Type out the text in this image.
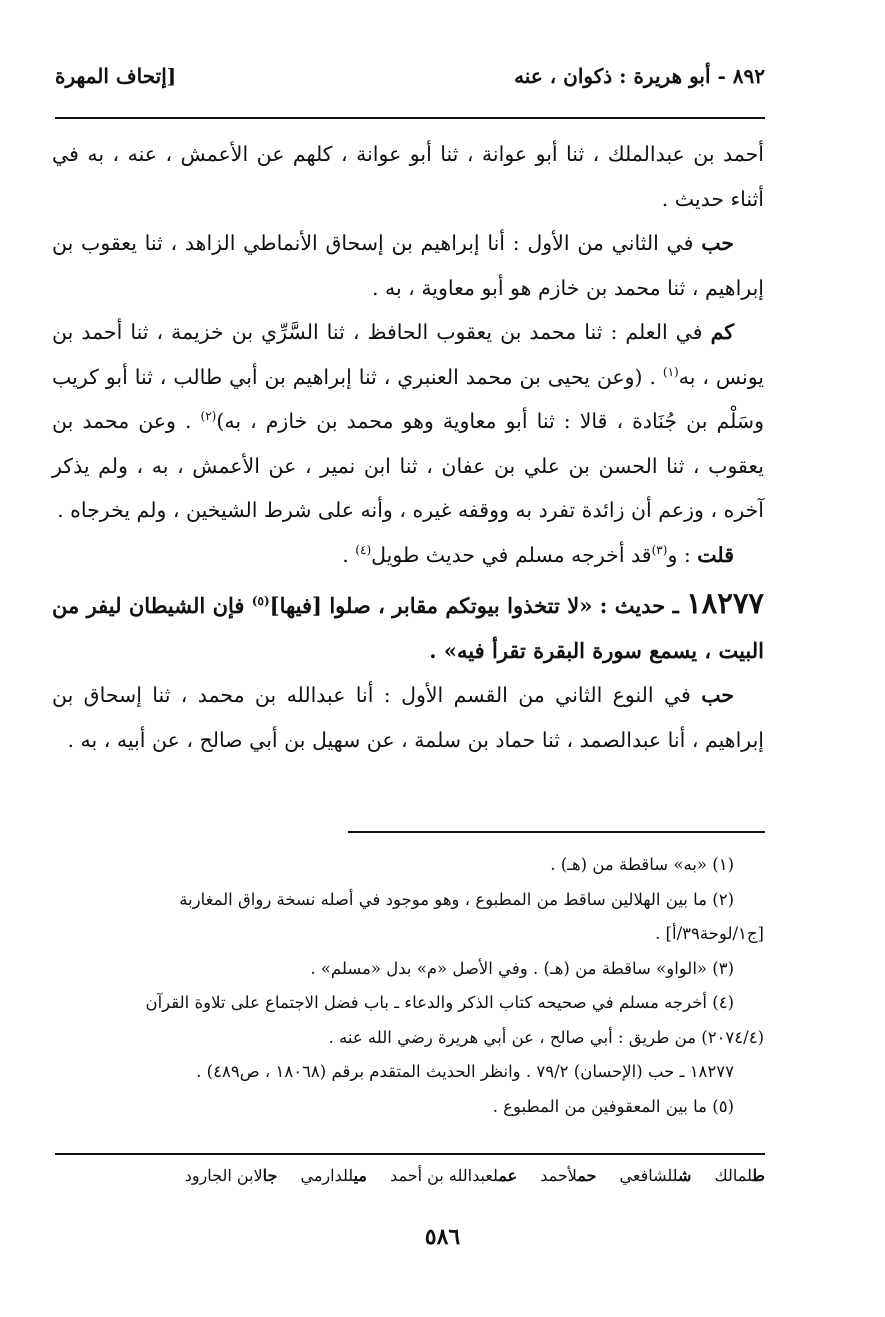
٨٩٢ - أبو هريرة : ذكوان ، عنه
[إتحاف المهرة

أحمد بن عبدالملك ، ثنا أبو عوانة ، ثنا أبو عوانة ، كلهم عن الأعمش ، عنه ، به في أثناء حديث .

حب في الثاني من الأول : أنا إبراهيم بن إسحاق الأنماطي الزاهد ، ثنا يعقوب بن إبراهيم ، ثنا محمد بن خازم هو أبو معاوية ، به .

كم في العلم : ثنا محمد بن يعقوب الحافظ ، ثنا السَّرِّي بن خزيمة ، ثنا أحمد بن يونس ، به$^{(١)}$ . (وعن يحيى بن محمد العنبري ، ثنا إبراهيم بن أبي طالب ، ثنا أبو كريب وسَلْم بن جُنَادة ، قالا : ثنا أبو معاوية وهو محمد بن خازم ، به)$^{(٢)}$ . وعن محمد بن يعقوب ، ثنا الحسن بن علي بن عفان ، ثنا ابن نمير ، عن الأعمش ، به ، ولم يذكر آخره ، وزعم أن زائدة تفرد به ووقفه غيره ، وأنه على شرط الشيخين ، ولم يخرجاه .

قلت : و$^{(٣)}$قد أخرجه مسلم في حديث طويل$^{(٤)}$ .

١٨٢٧٧ ـ حديث : «لا تتخذوا بيوتكم مقابر ، صلوا [فيها]$^{(٥)}$ فإن الشيطان ليفر من البيت ، يسمع سورة البقرة تقرأ فيه» .

حب في النوع الثاني من القسم الأول : أنا عبدالله بن محمد ، ثنا إسحاق بن إبراهيم ، أنا عبدالصمد ، ثنا حماد بن سلمة ، عن سهيل بن أبي صالح ، عن أبيه ، به .

(١) «به» ساقطة من (هـ) .

(٢) ما بين الهلالين ساقط من المطبوع ، وهو موجود في أصله نسخة رواق المغاربة

[ج١/لوحة٣٩/أ] .

(٣) «الواو» ساقطة من (هـ) . وفي الأصل «م» بدل «مسلم» .

(٤) أخرجه مسلم في صحيحه كتاب الذكر والدعاء ـ باب فضل الاجتماع على تلاوة القرآن

(٢٠٧٤/٤) من طريق : أبي صالح ، عن أبي هريرة رضي الله عنه .

١٨٢٧٧ ـ حب (الإحسان) ٧٩/٢ . وانظر الحديث المتقدم برقم (١٨٠٦٨ ، ص٤٨٩) .

(٥) ما بين المعقوفين من المطبوع .

طلمالك شللشافعي حملأحمد عملعبدالله بن أحمد ميللدارمي جالابن الجارود
٥٨٦
